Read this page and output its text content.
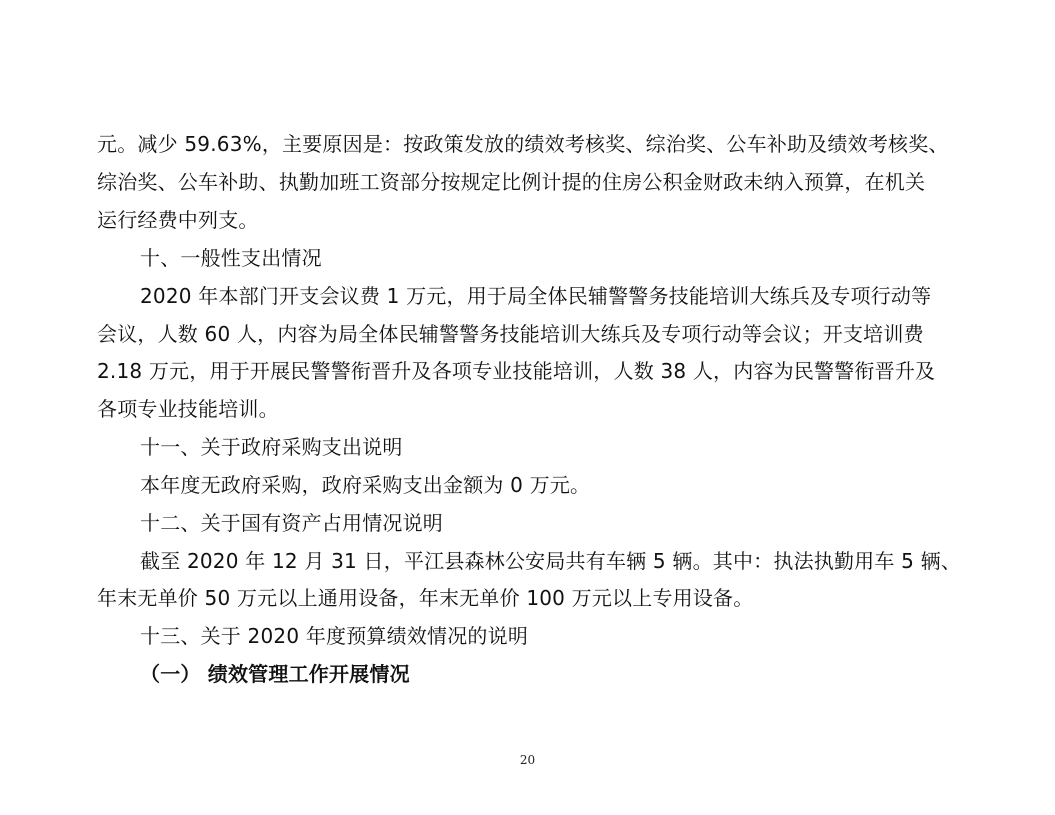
元。减少 59.63%，主要原因是：按政策发放的绩效考核奖、综治奖、公车补助及绩效考核奖、
综治奖、公车补助、执勤加班工资部分按规定比例计提的住房公积金财政未纳入预算，在机关
运行经费中列支。
十、一般性支出情况
2020 年本部门开支会议费 1 万元，用于局全体民辅警警务技能培训大练兵及专项行动等
会议，人数 60 人，内容为局全体民辅警警务技能培训大练兵及专项行动等会议；开支培训费
2.18 万元，用于开展民警警衔晋升及各项专业技能培训，人数 38 人，内容为民警警衔晋升及
各项专业技能培训。
十一、关于政府采购支出说明
本年度无政府采购，政府采购支出金额为 0 万元。
十二、关于国有资产占用情况说明
截至 2020 年 12 月 31 日，平江县森林公安局共有车辆 5 辆。其中：执法执勤用车 5 辆、
年末无单价 50 万元以上通用设备，年末无单价 100 万元以上专用设备。
十三、关于 2020 年度预算绩效情况的说明
（一） 绩效管理工作开展情况
20
